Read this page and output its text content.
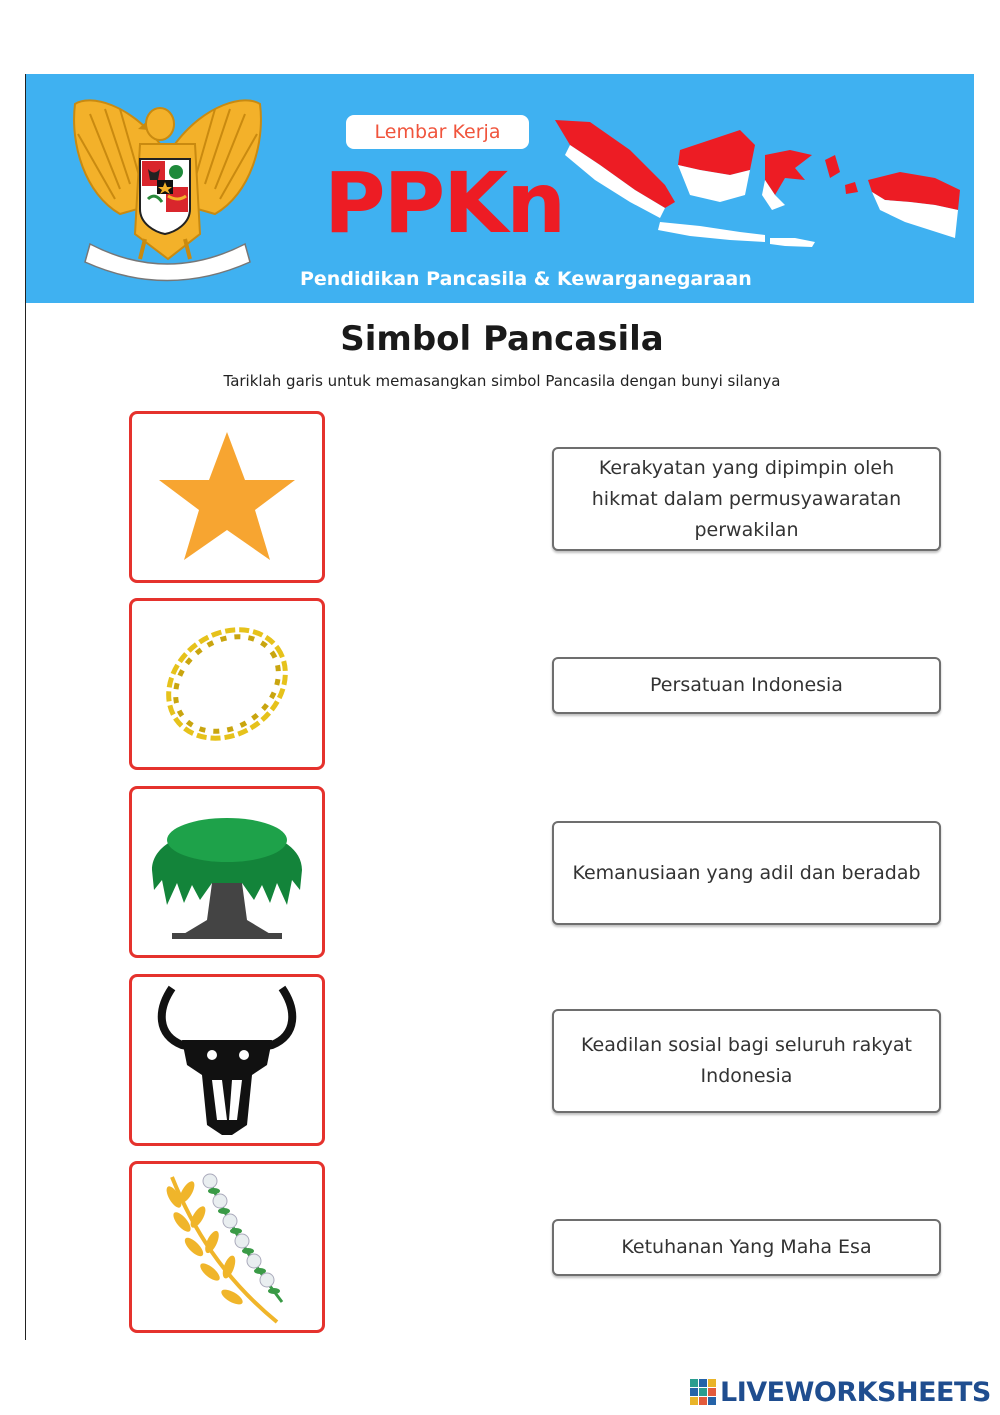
Lembar Kerja
PPKn
Pendidikan Pancasila & Kewarganegaraan
Simbol Pancasila
Tariklah garis untuk memasangkan simbol Pancasila dengan bunyi silanya
Kerakyatan yang dipimpin oleh hikmat dalam permusyawaratan perwakilan
Persatuan Indonesia
Kemanusiaan yang adil dan beradab
Keadilan sosial bagi seluruh rakyat Indonesia
Ketuhanan Yang Maha Esa
LIVEWORKSHEETS
